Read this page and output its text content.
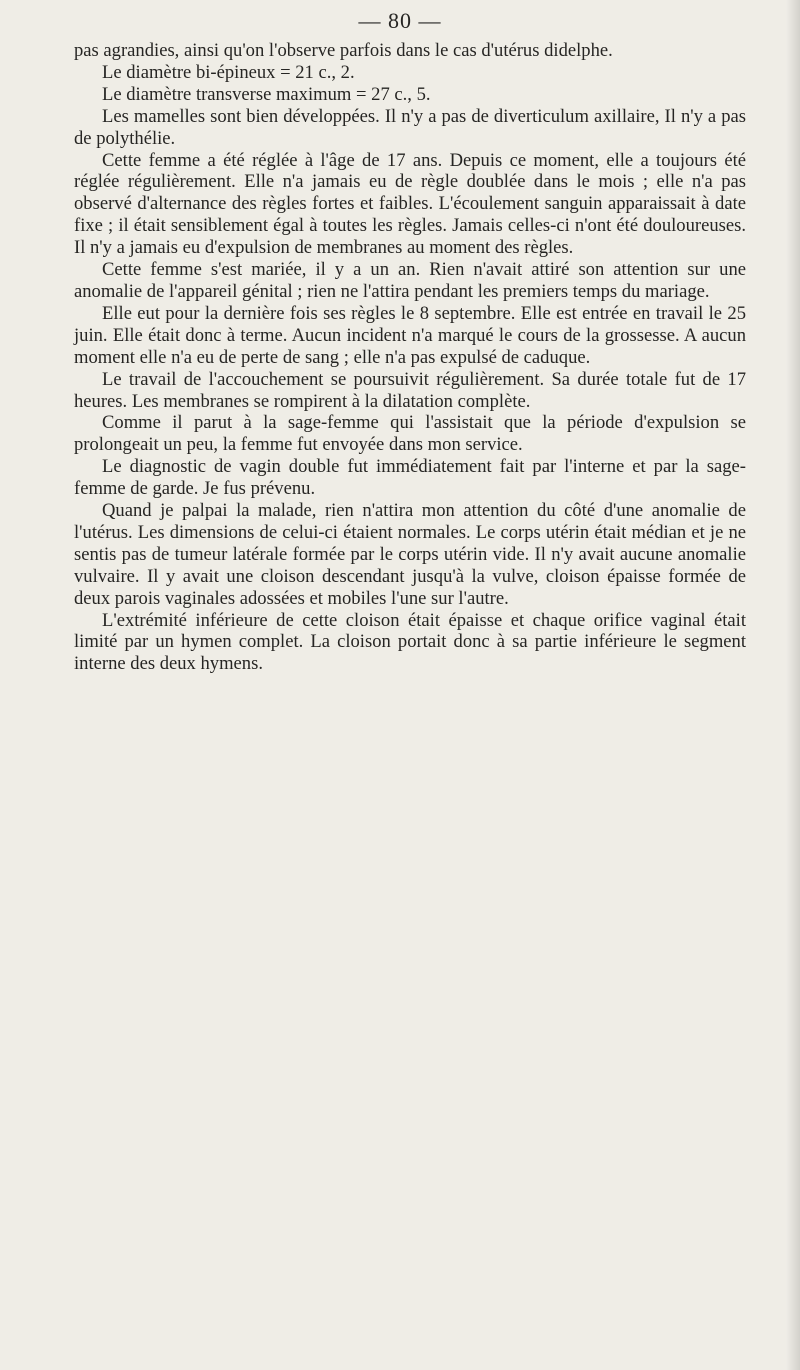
— 80 —

pas agrandies, ainsi qu'on l'observe parfois dans le cas d'utérus didelphe.

Le diamètre bi-épineux = 21 c., 2.

Le diamètre transverse maximum = 27 c., 5.

Les mamelles sont bien développées. Il n'y a pas de diverticulum axillaire, Il n'y a pas de polythélie.

Cette femme a été réglée à l'âge de 17 ans. Depuis ce moment, elle a toujours été réglée régulièrement. Elle n'a jamais eu de règle doublée dans le mois ; elle n'a pas observé d'alternance des règles fortes et faibles. L'écoulement sanguin apparaissait à date fixe ; il était sensiblement égal à toutes les règles. Jamais celles-ci n'ont été douloureuses. Il n'y a jamais eu d'expulsion de membranes au moment des règles.

Cette femme s'est mariée, il y a un an. Rien n'avait attiré son attention sur une anomalie de l'appareil génital ; rien ne l'attira pendant les premiers temps du mariage.

Elle eut pour la dernière fois ses règles le 8 septembre. Elle est entrée en travail le 25 juin. Elle était donc à terme. Aucun incident n'a marqué le cours de la grossesse. A aucun moment elle n'a eu de perte de sang ; elle n'a pas expulsé de caduque.

Le travail de l'accouchement se poursuivit régulièrement. Sa durée totale fut de 17 heures. Les membranes se rompirent à la dilatation complète.

Comme il parut à la sage-femme qui l'assistait que la période d'expulsion se prolongeait un peu, la femme fut envoyée dans mon service.

Le diagnostic de vagin double fut immédiatement fait par l'interne et par la sage-femme de garde. Je fus prévenu.

Quand je palpai la malade, rien n'attira mon attention du côté d'une anomalie de l'utérus. Les dimensions de celui-ci étaient normales. Le corps utérin était médian et je ne sentis pas de tumeur latérale formée par le corps utérin vide. Il n'y avait aucune anomalie vulvaire. Il y avait une cloison descendant jusqu'à la vulve, cloison épaisse formée de deux parois vaginales adossées et mobiles l'une sur l'autre.

L'extrémité inférieure de cette cloison était épaisse et chaque orifice vaginal était limité par un hymen complet. La cloison portait donc à sa partie inférieure le segment interne des deux hymens.
